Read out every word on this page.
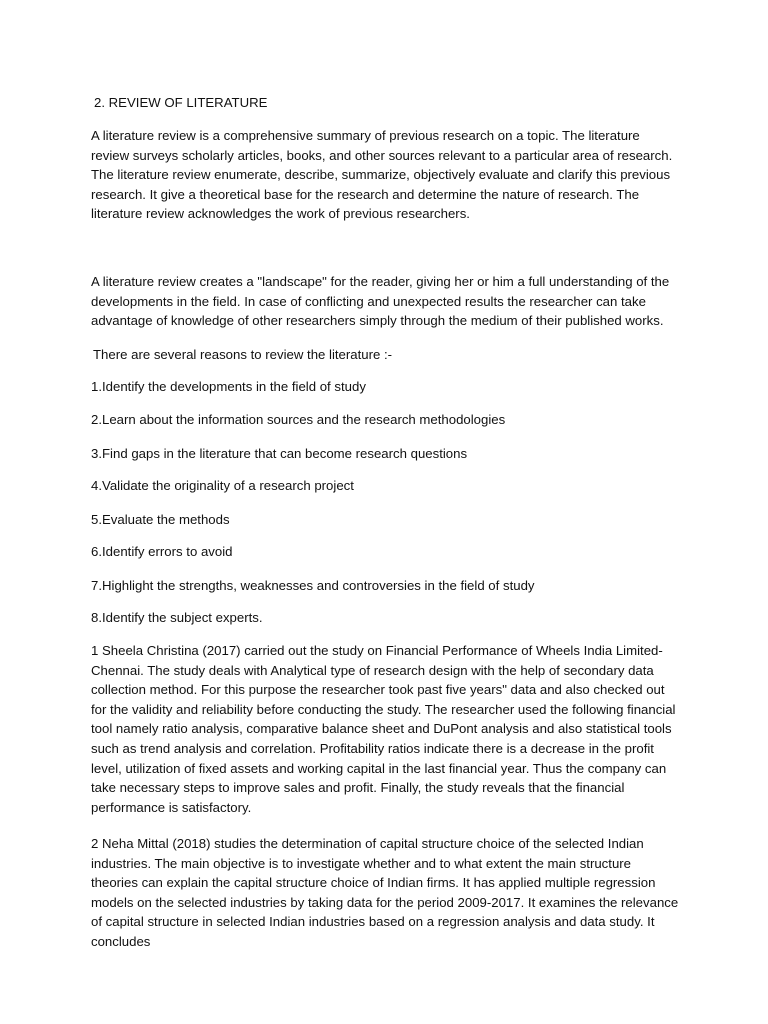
2. REVIEW OF LITERATURE

A literature review is a comprehensive summary of previous research on a topic. The literature review surveys scholarly articles, books, and other sources relevant to a particular area of research. The literature review enumerate, describe, summarize, objectively evaluate and clarify this previous research. It give a theoretical base for the research and determine the nature of research. The literature review acknowledges the work of previous researchers.

A literature review creates a "landscape" for the reader, giving her or him a full understanding of the developments in the field. In case of conflicting and unexpected results the researcher can take advantage of knowledge of other researchers simply through the medium of their published works.

There are several reasons to review the literature :-

1.Identify the developments in the field of study

2.Learn about the information sources and the research methodologies

3.Find gaps in the literature that can become research questions

4.Validate the originality of a research project

5.Evaluate the methods

6.Identify errors to avoid

7.Highlight the strengths, weaknesses and controversies in the field of study

8.Identify the subject experts.

1 Sheela Christina (2017) carried out the study on Financial Performance of Wheels India Limited-Chennai. The study deals with Analytical type of research design with the help of secondary data collection method. For this purpose the researcher took past five years" data and also checked out for the validity and reliability before conducting the study. The researcher used the following financial tool namely ratio analysis, comparative balance sheet and DuPont analysis and also statistical tools such as trend analysis and correlation. Profitability ratios indicate there is a decrease in the profit level, utilization of fixed assets and working capital in the last financial year. Thus the company can take necessary steps to improve sales and profit. Finally, the study reveals that the financial performance is satisfactory.

2 Neha Mittal (2018) studies the determination of capital structure choice of the selected Indian industries. The main objective is to investigate whether and to what extent the main structure theories can explain the capital structure choice of Indian firms. It has applied multiple regression models on the selected industries by taking data for the period 2009-2017. It examines the relevance of capital structure in selected Indian industries based on a regression analysis and data study. It concludes
